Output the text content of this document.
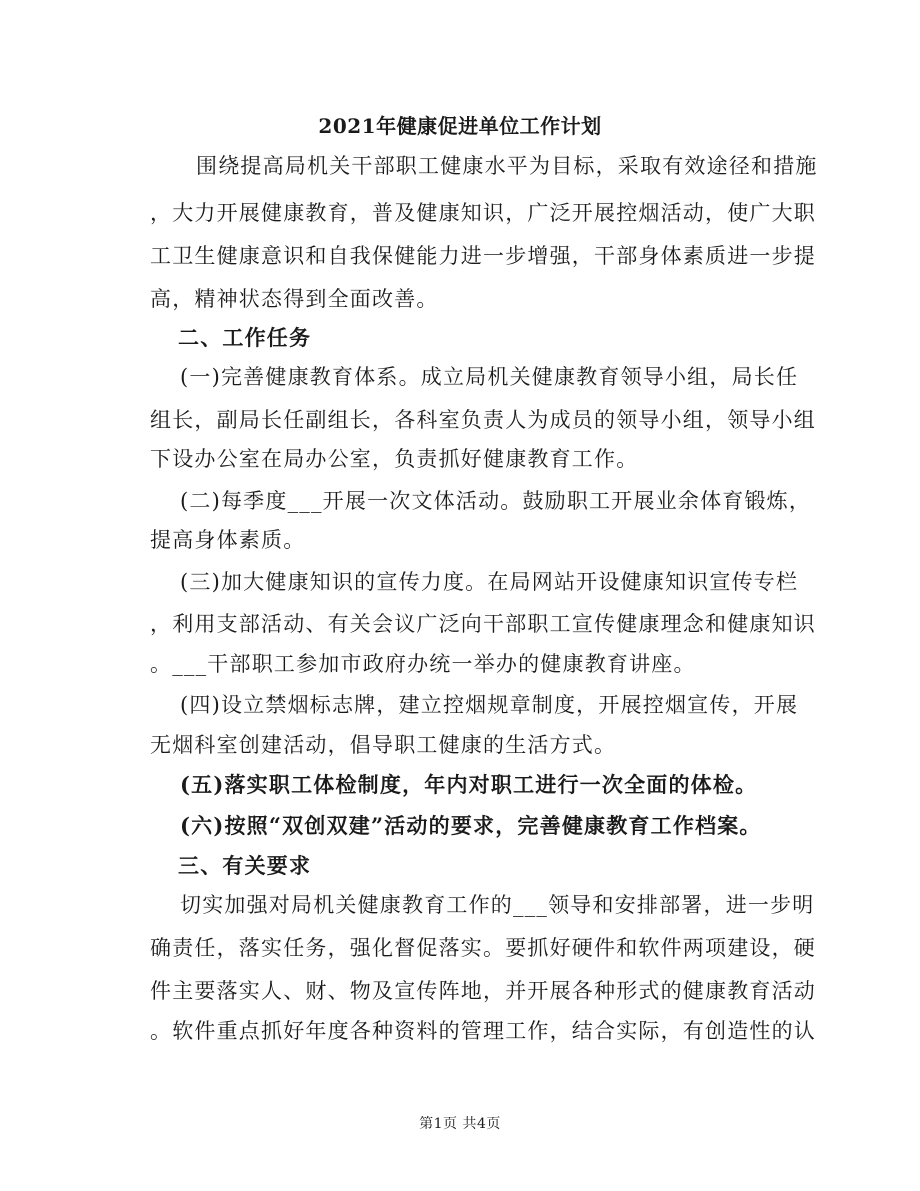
2021年健康促进单位工作计划
围绕提高局机关干部职工健康水平为目标，采取有效途径和措施
，大力开展健康教育，普及健康知识，广泛开展控烟活动，使广大职
工卫生健康意识和自我保健能力进一步增强，干部身体素质进一步提
高，精神状态得到全面改善。
二、工作任务
(一)完善健康教育体系。成立局机关健康教育领导小组，局长任
组长，副局长任副组长，各科室负责人为成员的领导小组，领导小组
下设办公室在局办公室，负责抓好健康教育工作。
(二)每季度___开展一次文体活动。鼓励职工开展业余体育锻炼，
提高身体素质。
(三)加大健康知识的宣传力度。在局网站开设健康知识宣传专栏
，利用支部活动、有关会议广泛向干部职工宣传健康理念和健康知识
。___干部职工参加市政府办统一举办的健康教育讲座。
(四)设立禁烟标志牌，建立控烟规章制度，开展控烟宣传，开展
无烟科室创建活动，倡导职工健康的生活方式。
(五)落实职工体检制度，年内对职工进行一次全面的体检。
(六)按照“双创双建”活动的要求，完善健康教育工作档案。
三、有关要求
切实加强对局机关健康教育工作的___领导和安排部署，进一步明
确责任，落实任务，强化督促落实。要抓好硬件和软件两项建设，硬
件主要落实人、财、物及宣传阵地，并开展各种形式的健康教育活动
。软件重点抓好年度各种资料的管理工作，结合实际，有创造性的认
第1页 共4页
